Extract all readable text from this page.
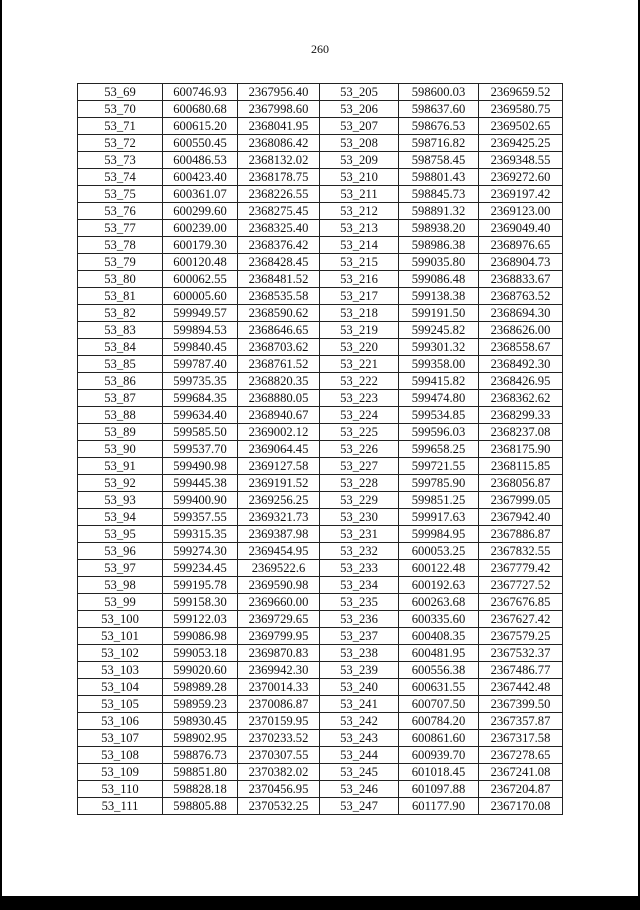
260
53_69	600746.93	2367956.40	53_205	598600.03	2369659.52
53_70	600680.68	2367998.60	53_206	598637.60	2369580.75
53_71	600615.20	2368041.95	53_207	598676.53	2369502.65
53_72	600550.45	2368086.42	53_208	598716.82	2369425.25
53_73	600486.53	2368132.02	53_209	598758.45	2369348.55
53_74	600423.40	2368178.75	53_210	598801.43	2369272.60
53_75	600361.07	2368226.55	53_211	598845.73	2369197.42
53_76	600299.60	2368275.45	53_212	598891.32	2369123.00
53_77	600239.00	2368325.40	53_213	598938.20	2369049.40
53_78	600179.30	2368376.42	53_214	598986.38	2368976.65
53_79	600120.48	2368428.45	53_215	599035.80	2368904.73
53_80	600062.55	2368481.52	53_216	599086.48	2368833.67
53_81	600005.60	2368535.58	53_217	599138.38	2368763.52
53_82	599949.57	2368590.62	53_218	599191.50	2368694.30
53_83	599894.53	2368646.65	53_219	599245.82	2368626.00
53_84	599840.45	2368703.62	53_220	599301.32	2368558.67
53_85	599787.40	2368761.52	53_221	599358.00	2368492.30
53_86	599735.35	2368820.35	53_222	599415.82	2368426.95
53_87	599684.35	2368880.05	53_223	599474.80	2368362.62
53_88	599634.40	2368940.67	53_224	599534.85	2368299.33
53_89	599585.50	2369002.12	53_225	599596.03	2368237.08
53_90	599537.70	2369064.45	53_226	599658.25	2368175.90
53_91	599490.98	2369127.58	53_227	599721.55	2368115.85
53_92	599445.38	2369191.52	53_228	599785.90	2368056.87
53_93	599400.90	2369256.25	53_229	599851.25	2367999.05
53_94	599357.55	2369321.73	53_230	599917.63	2367942.40
53_95	599315.35	2369387.98	53_231	599984.95	2367886.87
53_96	599274.30	2369454.95	53_232	600053.25	2367832.55
53_97	599234.45	2369522.6	53_233	600122.48	2367779.42
53_98	599195.78	2369590.98	53_234	600192.63	2367727.52
53_99	599158.30	2369660.00	53_235	600263.68	2367676.85
53_100	599122.03	2369729.65	53_236	600335.60	2367627.42
53_101	599086.98	2369799.95	53_237	600408.35	2367579.25
53_102	599053.18	2369870.83	53_238	600481.95	2367532.37
53_103	599020.60	2369942.30	53_239	600556.38	2367486.77
53_104	598989.28	2370014.33	53_240	600631.55	2367442.48
53_105	598959.23	2370086.87	53_241	600707.50	2367399.50
53_106	598930.45	2370159.95	53_242	600784.20	2367357.87
53_107	598902.95	2370233.52	53_243	600861.60	2367317.58
53_108	598876.73	2370307.55	53_244	600939.70	2367278.65
53_109	598851.80	2370382.02	53_245	601018.45	2367241.08
53_110	598828.18	2370456.95	53_246	601097.88	2367204.87
53_111	598805.88	2370532.25	53_247	601177.90	2367170.08
